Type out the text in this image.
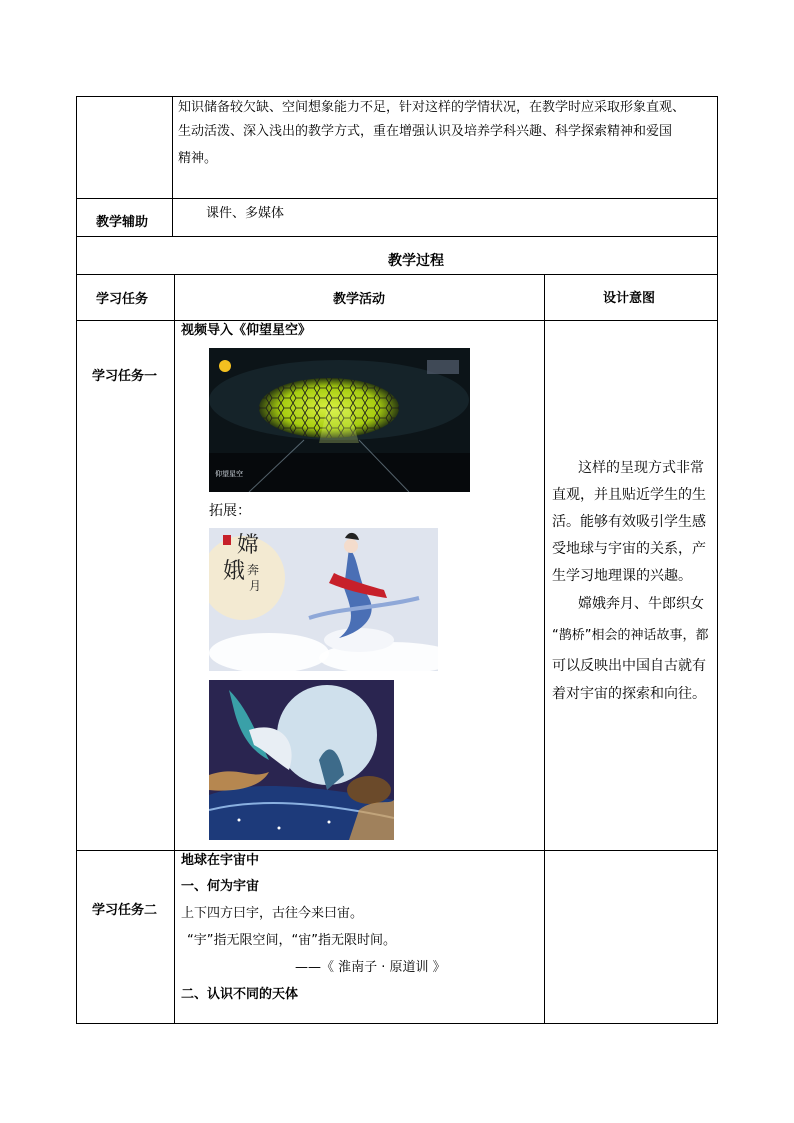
知识储备较欠缺、空间想象能力不足，针对这样的学情状况，在教学时应采取形象直观、
生动活泼、深入浅出的教学方式，重在增强认识及培养学科兴趣、科学探索精神和爱国
精神。
教学辅助
课件、多媒体
教学过程
学习任务	教学活动	设计意图
学习任务一
视频导入《仰望星空》
仰望星空
拓展：
嫦
娥 奔
月
这样的呈现方式非常
直观，并且贴近学生的生
活。能够有效吸引学生感
受地球与宇宙的关系，产
生学习地理课的兴趣。
嫦娥奔月、牛郎织女
“鹊桥”相会的神话故事，都
可以反映出中国自古就有
着对宇宙的探索和向往。
学习任务二
地球在宇宙中
一、何为宇宙
上下四方曰宇，古往今来曰宙。
“宇”指无限空间，“宙”指无限时间。
——《 淮南子 · 原道训 》
二、认识不同的天体
